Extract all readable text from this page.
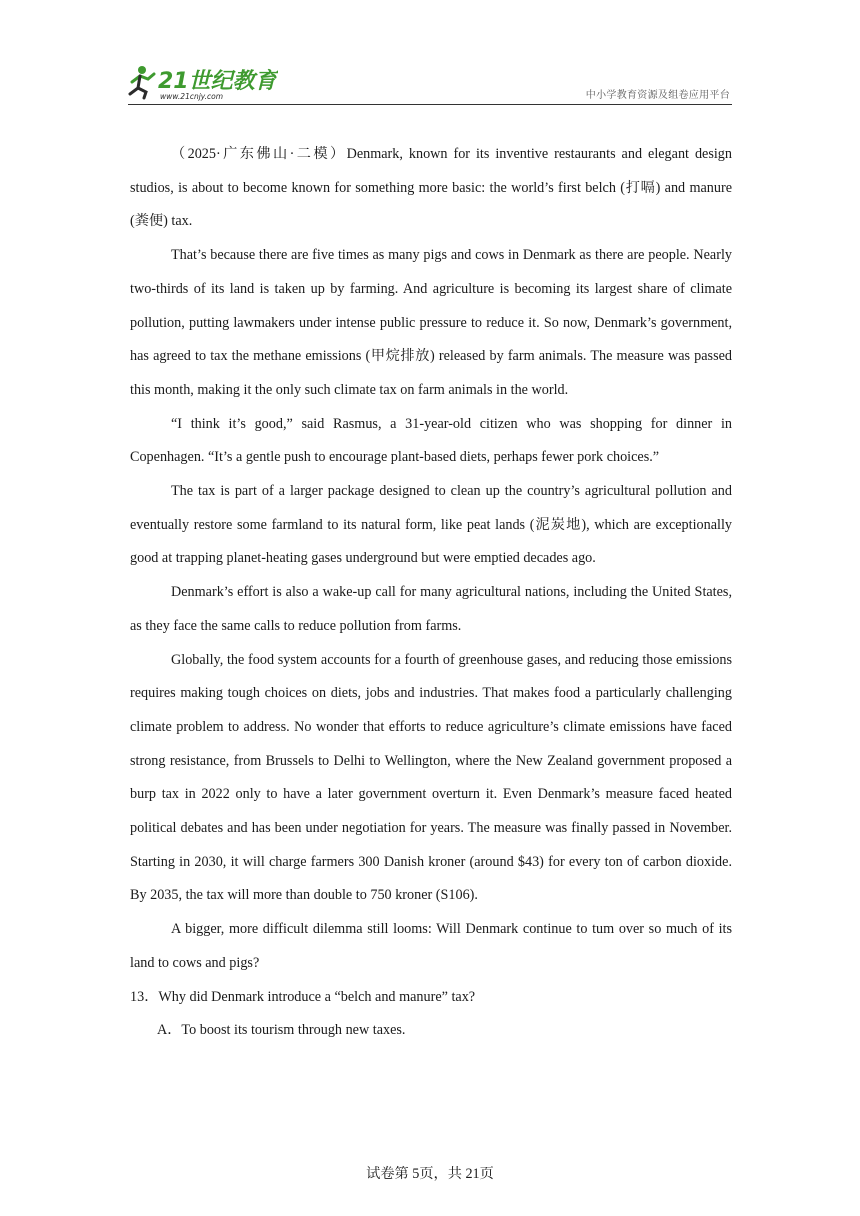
21世纪教育
www.21cnjy.com	中小学教育资源及组卷应用平台

（2025·广东佛山·二模）Denmark, known for its inventive restaurants and elegant design studios, is about to become known for something more basic: the world’s first belch (打嗝) and manure (粪便) tax.

That’s because there are five times as many pigs and cows in Denmark as there are people. Nearly two-thirds of its land is taken up by farming. And agriculture is becoming its largest share of climate pollution, putting lawmakers under intense public pressure to reduce it. So now, Denmark’s government, has agreed to tax the methane emissions (甲烷排放) released by farm animals. The measure was passed this month, making it the only such climate tax on farm animals in the world.

“I think it’s good,” said Rasmus, a 31-year-old citizen who was shopping for dinner in Copenhagen. “It’s a gentle push to encourage plant-based diets, perhaps fewer pork choices.”

The tax is part of a larger package designed to clean up the country’s agricultural pollution and eventually restore some farmland to its natural form, like peat lands (泥炭地), which are exceptionally good at trapping planet-heating gases underground but were emptied decades ago.

Denmark’s effort is also a wake-up call for many agricultural nations, including the United States, as they face the same calls to reduce pollution from farms.

Globally, the food system accounts for a fourth of greenhouse gases, and reducing those emissions requires making tough choices on diets, jobs and industries. That makes food a particularly challenging climate problem to address. No wonder that efforts to reduce agriculture’s climate emissions have faced strong resistance, from Brussels to Delhi to Wellington, where the New Zealand government proposed a burp tax in 2022 only to have a later government overturn it. Even Denmark’s measure faced heated political debates and has been under negotiation for years. The measure was finally passed in November. Starting in 2030, it will charge farmers 300 Danish kroner (around $43) for every ton of carbon dioxide. By 2035, the tax will more than double to 750 kroner (S106).

A bigger, more difficult dilemma still looms: Will Denmark continue to tum over so much of its land to cows and pigs?

13．Why did Denmark introduce a “belch and manure” tax?
A．To boost its tourism through new taxes.
试卷第 5页，共 21页
